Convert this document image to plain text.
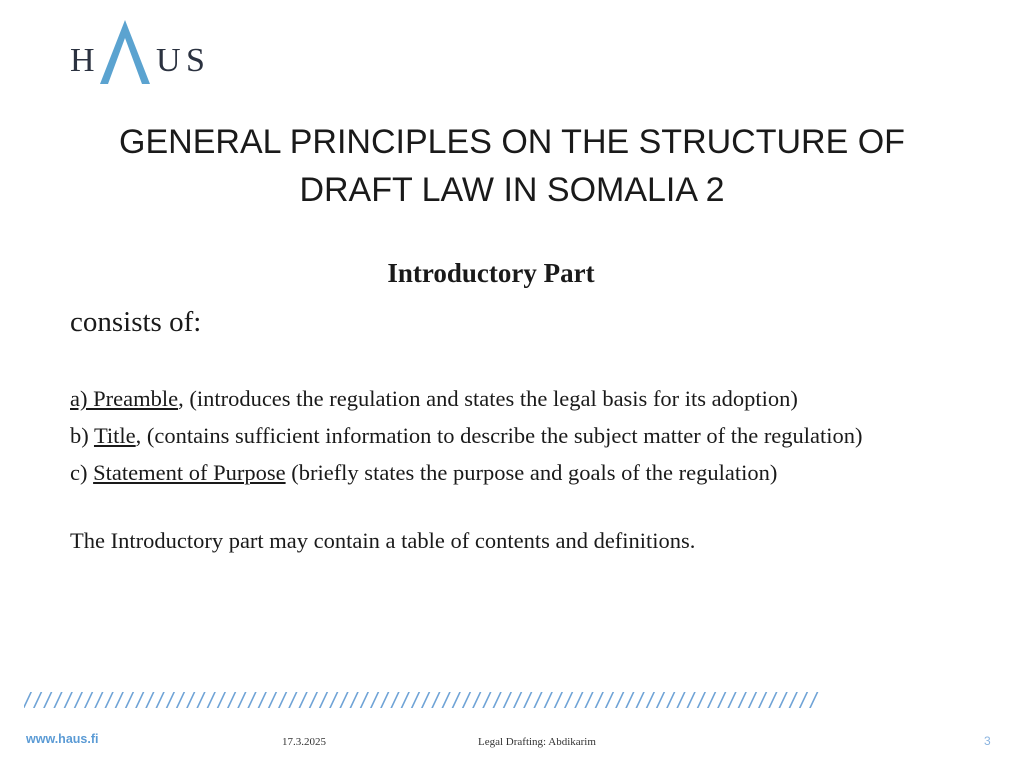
H U S
GENERAL PRINCIPLES ON THE STRUCTURE OF DRAFT LAW IN SOMALIA 2
Introductory Part

consists of:

a) Preamble, (introduces the regulation and states the legal basis for its adoption)
b) Title, (contains sufficient information to describe the subject matter of the regulation)
c) Statement of Purpose (briefly states the purpose and goals of the regulation)

The Introductory part may contain a table of contents and definitions.

//////////////////////////////////////////////////////////////////////////////
www.haus.fi	17.3.2025	Legal Drafting: Abdikarim	3
